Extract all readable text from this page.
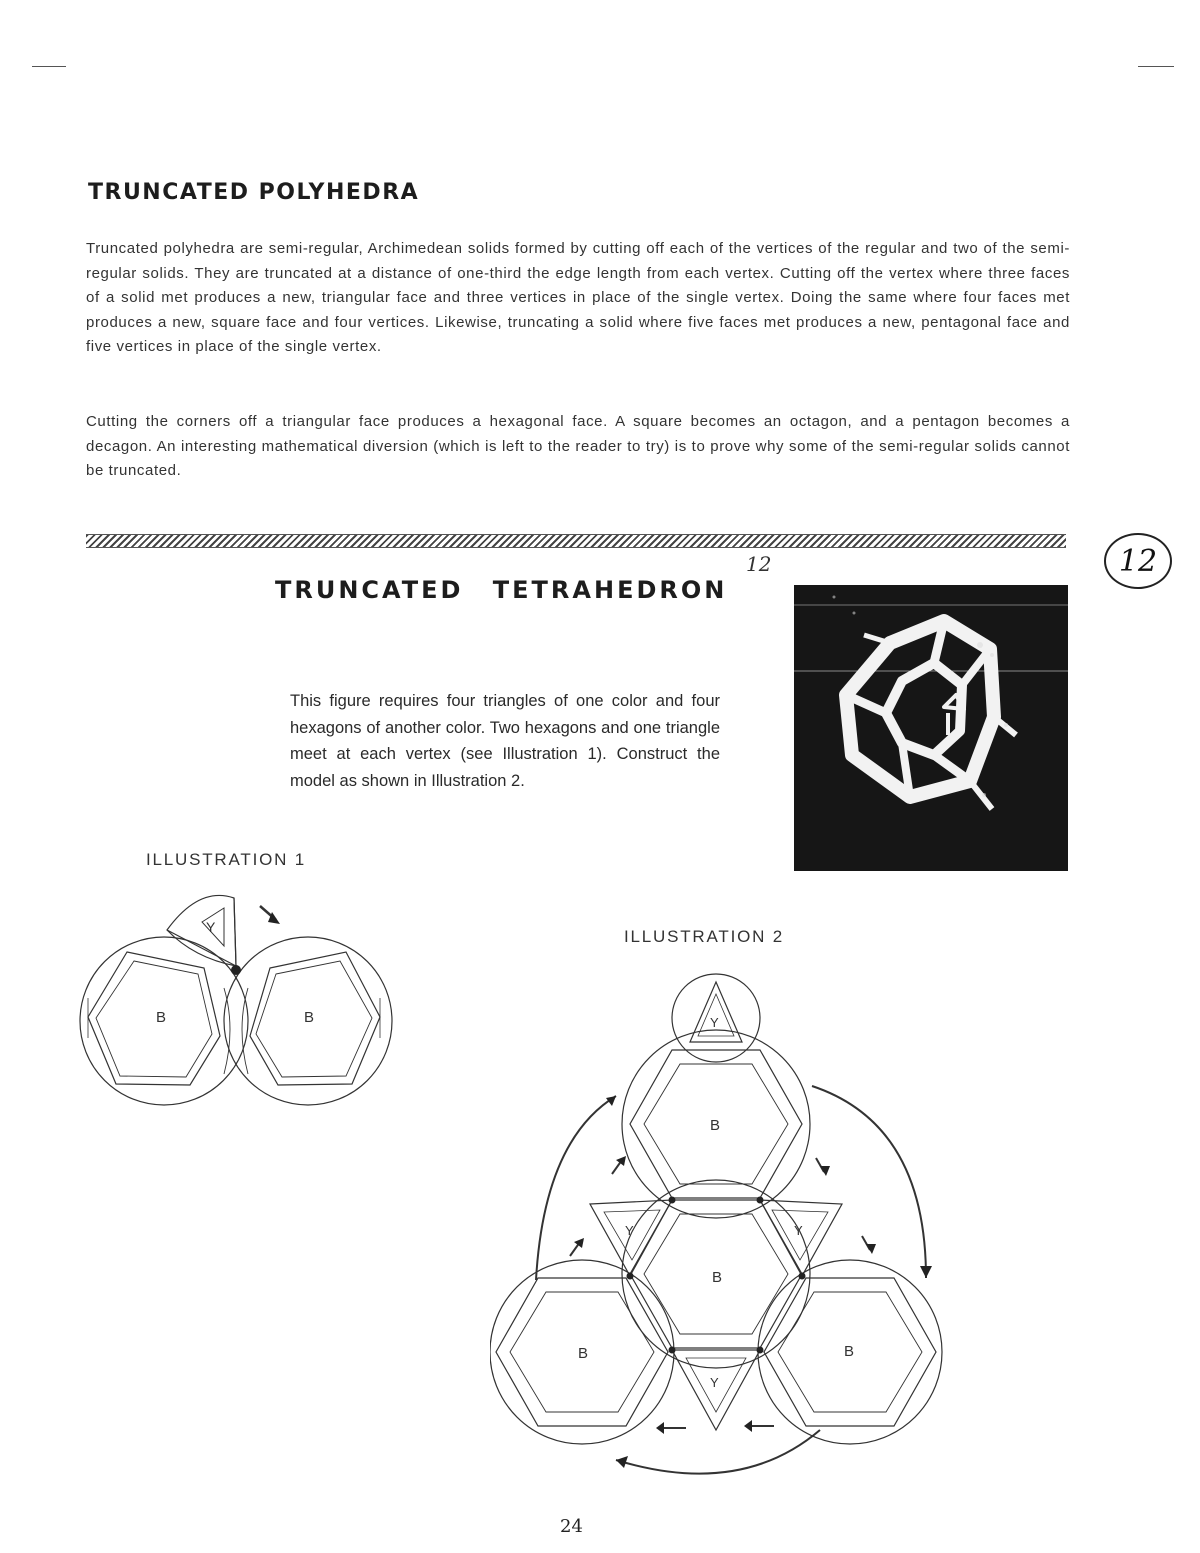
TRUNCATED POLYHEDRA
Truncated polyhedra are semi-regular, Archimedean solids formed by cutting off each of the vertices of the regular and two of the semi-regular solids. They are truncated at a distance of one-third the edge length from each vertex. Cutting off the vertex where three faces of a solid met produces a new, triangular face and three vertices in place of the single vertex. Doing the same where four faces met produces a new, square face and four vertices. Likewise, truncating a solid where five faces met produces a new, pentagonal face and five vertices in place of the single vertex.
Cutting the corners off a triangular face produces a hexagonal face. A square becomes an octagon, and a pentagon becomes a decagon. An interesting mathematical diversion (which is left to the reader to try) is to prove why some of the semi-regular solids cannot be truncated.
12
12
TRUNCATED TETRAHEDRON
This figure requires four triangles of one color and four hexagons of another color. Two hexagons and one triangle meet at each vertex (see Illustration 1). Construct the model as shown in Illustration 2.
ILLUSTRATION 1
ILLUSTRATION 2
Y
B	B	Y
Y	Y
Y
B
B
B	B
24
